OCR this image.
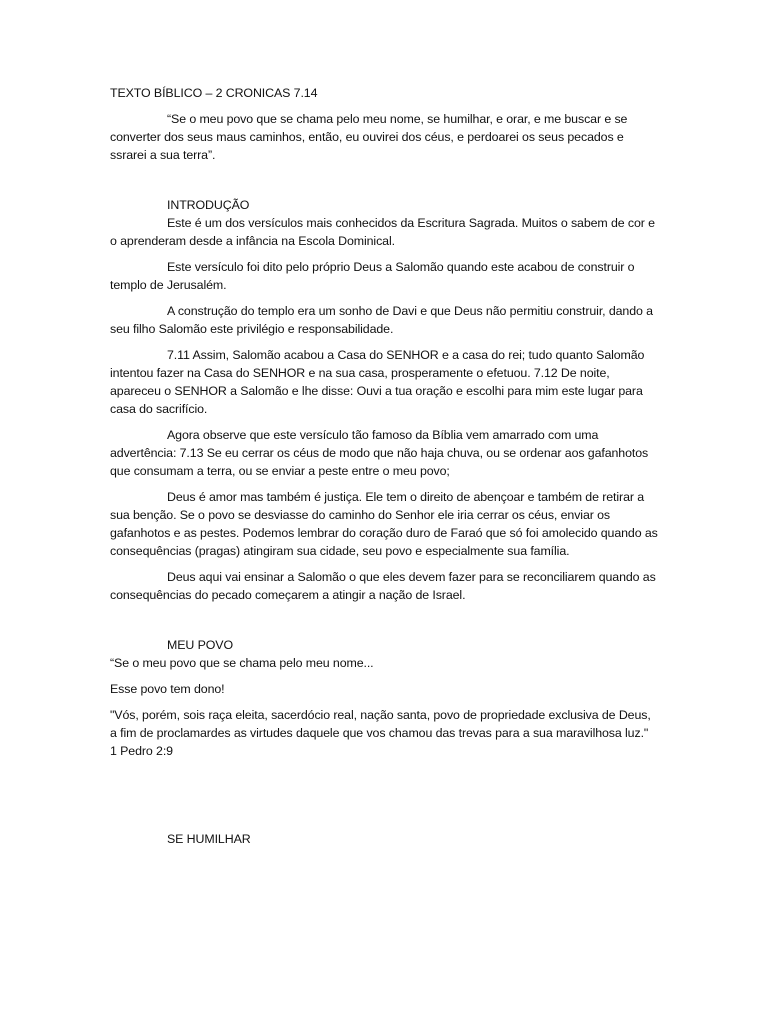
TEXTO BÍBLICO – 2 CRONICAS 7.14

“Se o meu povo que se chama pelo meu nome, se humilhar, e orar, e me buscar e se converter dos seus maus caminhos, então, eu ouvirei dos céus, e perdoarei os seus pecados e ssrarei a sua terra”.

INTRODUÇÃO

Este é um dos versículos mais conhecidos da Escritura Sagrada. Muitos o sabem de cor e o aprenderam desde a infância na Escola Dominical.

Este versículo foi dito pelo próprio Deus a Salomão quando este acabou de construir o templo de Jerusalém.

A construção do templo era um sonho de Davi e que Deus não permitiu construir, dando a seu filho Salomão este privilégio e responsabilidade.

7.11 Assim, Salomão acabou a Casa do SENHOR e a casa do rei; tudo quanto Salomão intentou fazer na Casa do SENHOR e na sua casa, prosperamente o efetuou. 7.12 De noite, apareceu o SENHOR a Salomão e lhe disse: Ouvi a tua oração e escolhi para mim este lugar para casa do sacrifício.

Agora observe que este versículo tão famoso da Bíblia vem amarrado com uma advertência: 7.13 Se eu cerrar os céus de modo que não haja chuva, ou se ordenar aos gafanhotos que consumam a terra, ou se enviar a peste entre o meu povo;

Deus é amor mas também é justiça. Ele tem o direito de abençoar e também de retirar a sua benção. Se o povo se desviasse do caminho do Senhor ele iria cerrar os céus, enviar os gafanhotos e as pestes. Podemos lembrar do coração duro de Faraó que só foi amolecido quando as consequências (pragas) atingiram sua cidade, seu povo e especialmente sua família.

Deus aqui vai ensinar a Salomão o que eles devem fazer para se reconciliarem quando as consequências do pecado começarem a atingir a nação de Israel.

MEU POVO

“Se o meu povo que se chama pelo meu nome...

Esse povo tem dono!

"Vós, porém, sois raça eleita, sacerdócio real, nação santa, povo de propriedade exclusiva de Deus, a fim de proclamardes as virtudes daquele que vos chamou das trevas para a sua maravilhosa luz." 1 Pedro 2:9

SE HUMILHAR
